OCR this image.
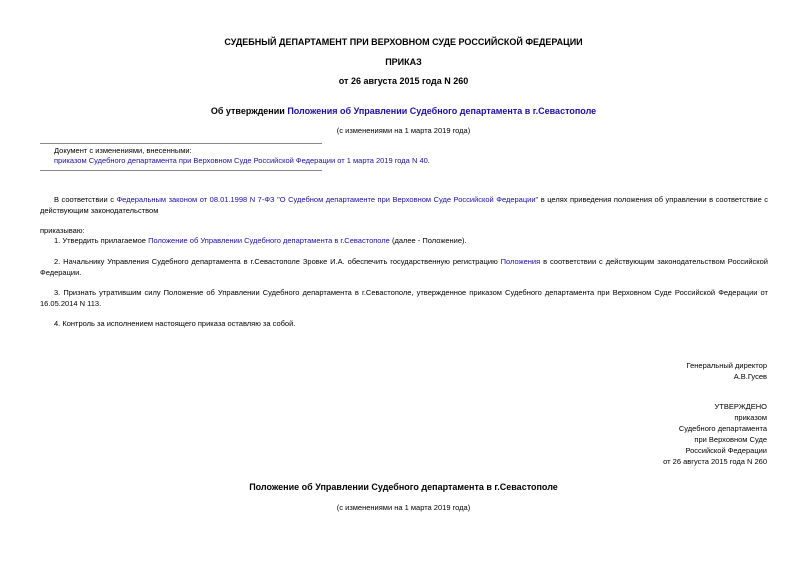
СУДЕБНЫЙ ДЕПАРТАМЕНТ ПРИ ВЕРХОВНОМ СУДЕ РОССИЙСКОЙ ФЕДЕРАЦИИ
ПРИКАЗ
от 26 августа 2015 года N 260
Об утверждении Положения об Управлении Судебного департамента в г.Севастополе
(с изменениями на 1 марта 2019 года)
Документ с изменениями, внесенными:
приказом Судебного департамента при Верховном Суде Российской Федерации от 1 марта 2019 года N 40.
В соответствии с Федеральным законом от 08.01.1998 N 7-ФЗ "О Судебном департаменте при Верховном Суде Российской Федерации" в целях приведения положения об управлении в соответствие с действующим законодательством
приказываю:
1. Утвердить прилагаемое Положение об Управлении Судебного департамента в г.Севастополе (далее - Положение).
2. Начальнику Управления Судебного департамента в г.Севастополе Зровке И.А. обеспечить государственную регистрацию Положения в соответствии с действующим законодательством Российской Федерации.
3. Признать утратившим силу Положение об Управлении Судебного департамента в г.Севастополе, утвержденное приказом Судебного департамента при Верховном Суде Российской Федерации от 16.05.2014 N 113.
4. Контроль за исполнением настоящего приказа оставляю за собой.
Генеральный директор
А.В.Гусев
УТВЕРЖДЕНО
приказом
Судебного департамента
при Верховном Суде
Российской Федерации
от 26 августа 2015 года N 260
Положение об Управлении Судебного департамента в г.Севастополе
(с изменениями на 1 марта 2019 года)
